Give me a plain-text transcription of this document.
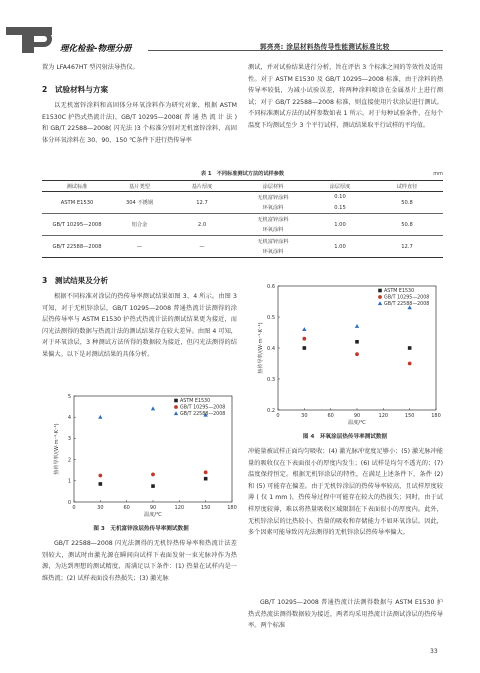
理化检验-物理分册	郭亮亮: 涂层材料热传导性能测试标准比较
置为 LFA467HT 型闪射法导热仪。
2　试验材料与方案
以无机富锌涂料和高固体分环氧涂料作为研究对象，根据 ASTM E1530C 护热式热流计法)、GB/T 10295—2008( 普 通 热 流 计 法 ) 和 GB/T 22588—2008( 闪光法 )3 个标准分别对无机富锌涂料、高固体分环氧涂料在 30、90、150 ℃条件下进行热传导率
测试，并对试验结果进行分析，旨在评估 3 个标准之间的等效性及适用性。对于 ASTM E1530 及 GB/T 10295—2008 标准，由于涂料的热传导率较低，为减小试验误差，将两种涂料喷涂在金属基片上进行测试；对于 GB/T 22588—2008 标准，则直接使用片状涂层进行测试。不同标准测试方法的试样参数如表 1 所示。对于每种试验条件，在每个温度下均测试至少 3 个平行试样，测试结果取平行试样的平均值。
表 1　不同标准测试方法的试样参数	mm
测试标准	基片类型	基片厚度	涂层材料	涂层厚度	试样直径
ASTM E1530	304 不锈钢	12.7	无机富锌涂料	0.10	50.8
			环氧涂料	0.15	
GB/T 10295—2008	铝合金	2.0	无机富锌涂料	1.00	50.8
			环氧涂料		
GB/T 22588—2008	—	—	无机富锌涂料	1.00	12.7
			环氧涂料		
3　测试结果及分析
根据不同标准对涂层的热传导率测试结果如图 3、4 所示。由图 3 可知，对于无机锌涂层，GB/T 10295—2008 普通热流计法测得的涂层热传导率与 ASTM E1530 护热式热流计法的测试结果更为接近，而闪光法测得的数据与热流计法的测试结果存在较大差异。由图 4 可知，对于环氧涂层，3 种测试方法所得的数据较为接近，但闪光法测得的结果偏大。以下是对测试结果的具体分析。
0	30	60	90	120	150	180
0
1
2
3
4
5
温度/℃
热传导率/(W·m⁻¹·K⁻¹)
ASTM E1530
GB/T 10295—2008
GB/T 22588—2008
图 3　无机富锌涂层热传导率测试数据
GB/T 22588—2008 闪光法测得的无机锌热传导率和热流计法差别较大，测试时由激光源在瞬间向试样下表面发射一束光脉冲作为热源，为达到理想的测试精度，需满足以下条件：(1) 热量在试样内是一维热流；(2) 试样表面没有热损失；(3) 激光脉
0	30	60	90	120	150	180
0.2
0.3
0.4
0.5
0.6
温度/℃
热传导率/(W·m⁻¹·K⁻¹)
ASTM E1530
GB/T 10295—2008
GB/T 22588—2008
图 4　环氧涂层热传导率测试数据
冲能量被试样正面均匀吸收；(4) 激光脉冲宽度足够小；(5) 激光脉冲能量的吸收仅在下表面很小的厚度内发生；(6) 试样是均匀不透光的；(7) 温度保持恒定。根据无机锌涂层的特性，在满足上述条件下，条件 (2) 和 (5) 可能存在偏差。由于无机锌涂层的热传导率较高，且试样厚度较薄 ( 仅 1 mm )，热传导过程中可能存在较大的热损失；同时，由于试样厚度较薄，难以将热量吸收区域限制在下表面很小的厚度内。此外，无机锌涂层的比热较小，热量的吸收和存储能力不如环氧涂层。因此，多个因素可能导致闪光法测得的无机锌涂层热传导率偏大。
GB/T 10295—2008 普通热流计法测得数据与 ASTM E1530 护热式热流法测得数据较为接近，两者均采用热流计法测试涂层的热传导率。两个标准
33
